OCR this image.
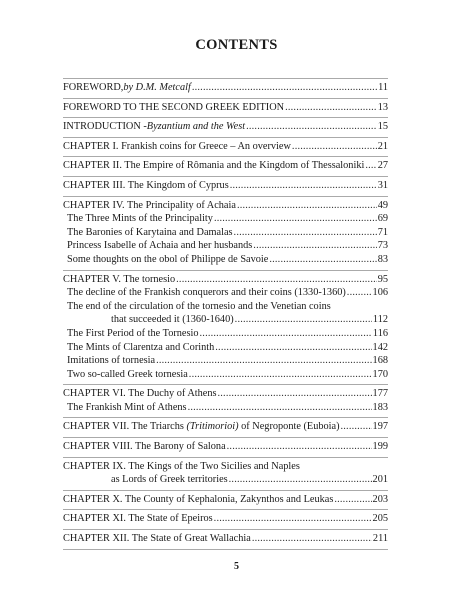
CONTENTS
FOREWORD, by D.M. Metcalf .....	11
FOREWORD TO THE SECOND GREEK EDITION .....	13
INTRODUCTION - Byzantium and the West .....	15
CHAPTER I. Frankish coins for Greece – An overview .....	21
CHAPTER II. The Empire of Rômania and the Kingdom of Thessaloniki ..... 27
CHAPTER III. The Kingdom of Cyprus .....	31
CHAPTER IV. The Principality of Achaia .....	49
The Three Mints of the Principality .....	69
The Baronies of Karytaina and Damalas .....	71
Princess Isabelle of Achaia and her husbands .....	73
Some thoughts on the obol of Philippe de Savoie .....	83
CHAPTER V. The tornesio .....	95
The decline of the Frankish conquerors and their coins (1330-1360) .....	106
The end of the circulation of the tornesio and the Venetian coins
that succeeded it (1360-1640) .....	112
The First Period of the Tornesio .....	116
The Mints of Clarentza and Corinth .....	142
Imitations of tornesia .....	168
Two so-called Greek tornesia .....	170
CHAPTER VI. The Duchy of Athens .....	177
The Frankish Mint of Athens .....	183
CHAPTER VII. The Triarchs (Tritimorioi) of Negroponte (Euboia) .....	197
CHAPTER VIII. The Barony of Salona .....	199
CHAPTER IX. The Kings of the Two Sicilies and Naples
as Lords of Greek territories .....	201
CHAPTER X. The County of Kephalonia, Zakynthos and Leukas .....	203
CHAPTER XI. The State of Epeiros .....	205
CHAPTER XII. The State of Great Wallachia .....	211
5
